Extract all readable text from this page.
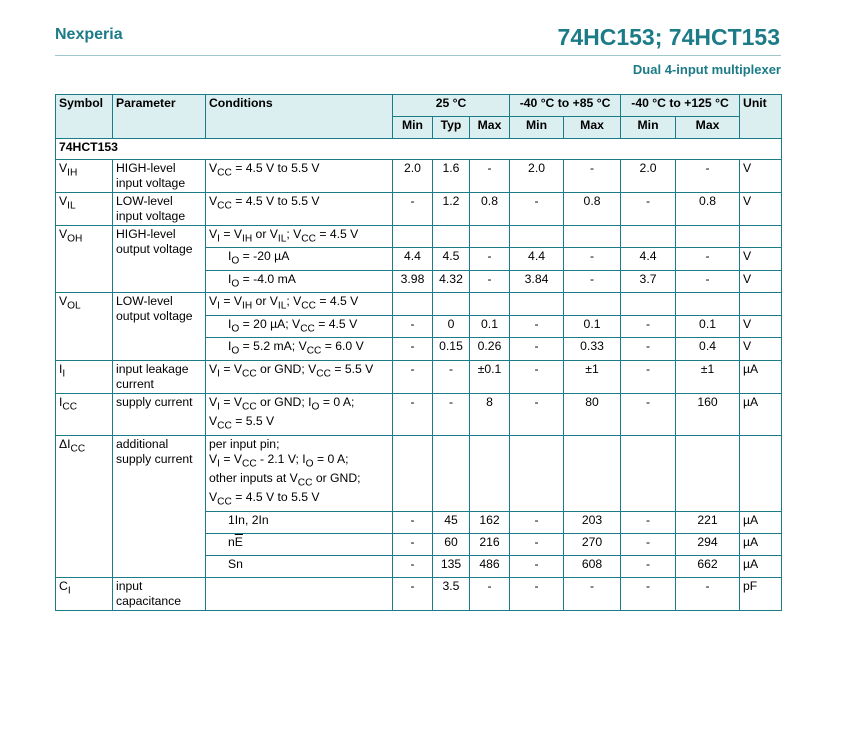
Nexperia	74HC153; 74HCT153
Dual 4-input multiplexer
Symbol	Parameter	Conditions	25 °C			-40 °C to +85 °C		-40 °C to +125 °C		Unit
			Min	Typ	Max	Min	Max	Min	Max	
74HCT153										
$V_{IH}$	HIGH-level input voltage	$V_{CC} = 4.5$ V to 5.5 V	2.0	1.6	-	2.0	-	2.0	-	V
$V_{IL}$	LOW-level input voltage	$V_{CC} = 4.5$ V to 5.5 V	-	1.2	0.8	-	0.8	-	0.8	V
$V_{OH}$	HIGH-level output voltage	$V_I = V_{IH}$ or $V_{IL}$; $V_{CC} = 4.5$ V								
		$I_O = -20$ µA	4.4	4.5	-	4.4	-	4.4	-	V
		$I_O = -4.0$ mA	3.98	4.32	-	3.84	-	3.7	-	V
$V_{OL}$	LOW-level output voltage	$V_I = V_{IH}$ or $V_{IL}$; $V_{CC} = 4.5$ V								
		$I_O = 20$ µA; $V_{CC} = 4.5$ V	-	0	0.1	-	0.1	-	0.1	V
		$I_O = 5.2$ mA; $V_{CC} = 6.0$ V	-	0.15	0.26	-	0.33	-	0.4	V
$I_I$	input leakage current	$V_I = V_{CC}$ or GND; $V_{CC} = 5.5$ V	-	-	±0.1	-	±1	-	±1	µA
$I_{CC}$	supply current	$V_I = V_{CC}$ or GND; $I_O = 0$ A;
$V_{CC} = 5.5$ V	-	-	8	-	80	-	160	µA
$\Delta I_{CC}$	additional supply current	per input pin;
$V_I = V_{CC} - 2.1$ V; $I_O = 0$ A;
other inputs at $V_{CC}$ or GND;
$V_{CC} = 4.5$ V to 5.5 V								
		1In, 2In	-	45	162	-	203	-	221	µA
		$n\overline{E}$	-	60	216	-	270	-	294	µA
		Sn	-	135	486	-	608	-	662	µA
$C_I$	input capacitance		-	3.5	-	-	-	-	-	pF
